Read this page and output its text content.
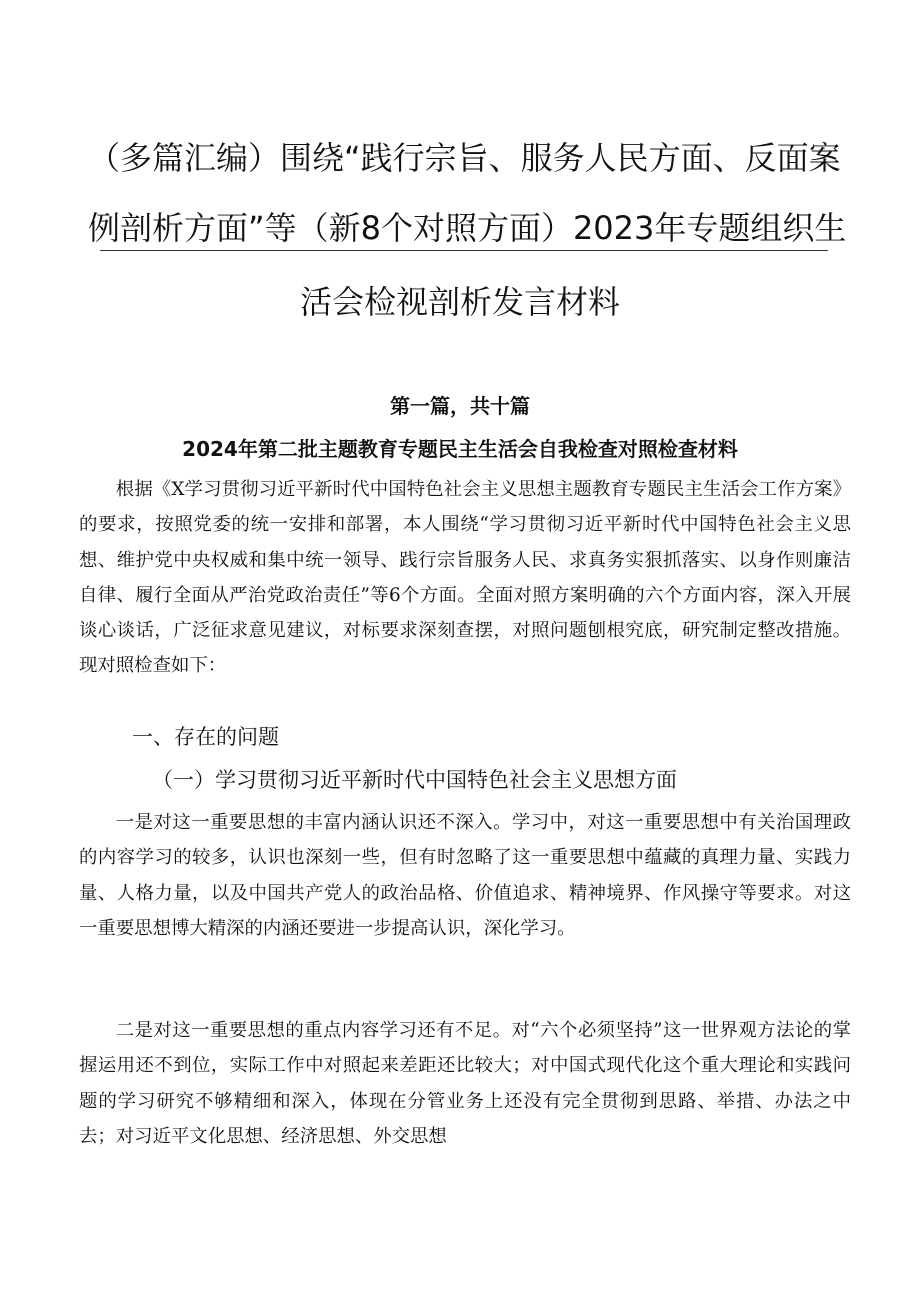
（多篇汇编）围绕“践行宗旨、服务人民方面、反面案
例剖析方面”等（新8个对照方面）2023年专题组织生
活会检视剖析发言材料
第一篇，共十篇
2024年第二批主题教育专题民主生活会自我检查对照检查材料

根据《X学习贯彻习近平新时代中国特色社会主义思想主题教育专题民主生活会工作方案》的要求，按照党委的统一安排和部署，本人围绕“学习贯彻习近平新时代中国特色社会主义思想、维护党中央权威和集中统一领导、践行宗旨服务人民、求真务实狠抓落实、以身作则廉洁自律、履行全面从严治党政治责任”等6个方面。全面对照方案明确的六个方面内容，深入开展谈心谈话，广泛征求意见建议，对标要求深刻查摆，对照问题刨根究底，研究制定整改措施。现对照检查如下：

一、存在的问题
（一）学习贯彻习近平新时代中国特色社会主义思想方面

一是对这一重要思想的丰富内涵认识还不深入。学习中，对这一重要思想中有关治国理政的内容学习的较多，认识也深刻一些，但有时忽略了这一重要思想中蕴藏的真理力量、实践力量、人格力量，以及中国共产党人的政治品格、价值追求、精神境界、作风操守等要求。对这一重要思想博大精深的内涵还要进一步提高认识，深化学习。

二是对这一重要思想的重点内容学习还有不足。对“六个必须坚持”这一世界观方法论的掌握运用还不到位，实际工作中对照起来差距还比较大；对中国式现代化这个重大理论和实践问题的学习研究不够精细和深入，体现在分管业务上还没有完全贯彻到思路、举措、办法之中去；对习近平文化思想、经济思想、外交思想
